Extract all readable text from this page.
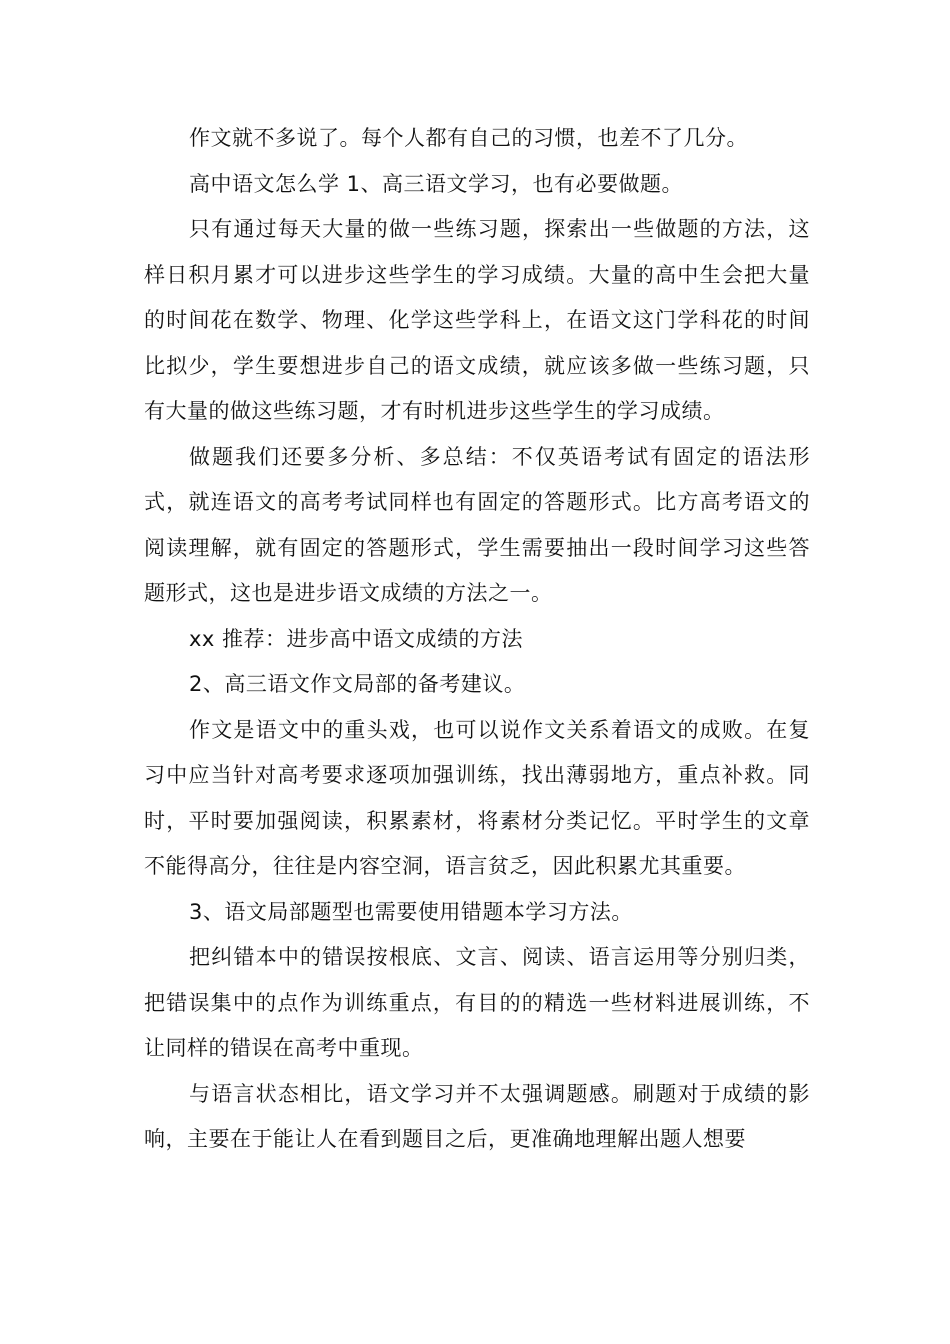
作文就不多说了。每个人都有自己的习惯，也差不了几分。

高中语文怎么学 1、高三语文学习，也有必要做题。

只有通过每天大量的做一些练习题，探索出一些做题的方法，这样日积月累才可以进步这些学生的学习成绩。大量的高中生会把大量的时间花在数学、物理、化学这些学科上，在语文这门学科花的时间比拟少，学生要想进步自己的语文成绩，就应该多做一些练习题，只有大量的做这些练习题，才有时机进步这些学生的学习成绩。

做题我们还要多分析、多总结：不仅英语考试有固定的语法形式，就连语文的高考考试同样也有固定的答题形式。比方高考语文的阅读理解，就有固定的答题形式，学生需要抽出一段时间学习这些答题形式，这也是进步语文成绩的方法之一。

xx 推荐：进步高中语文成绩的方法

2、高三语文作文局部的备考建议。

作文是语文中的重头戏，也可以说作文关系着语文的成败。在复习中应当针对高考要求逐项加强训练，找出薄弱地方，重点补救。同时，平时要加强阅读，积累素材，将素材分类记忆。平时学生的文章不能得高分，往往是内容空洞，语言贫乏，因此积累尤其重要。

3、语文局部题型也需要使用错题本学习方法。

把纠错本中的错误按根底、文言、阅读、语言运用等分别归类，把错误集中的点作为训练重点，有目的的精选一些材料进展训练，不让同样的错误在高考中重现。

与语言状态相比，语文学习并不太强调题感。刷题对于成绩的影响，主要在于能让人在看到题目之后，更准确地理解出题人想要
